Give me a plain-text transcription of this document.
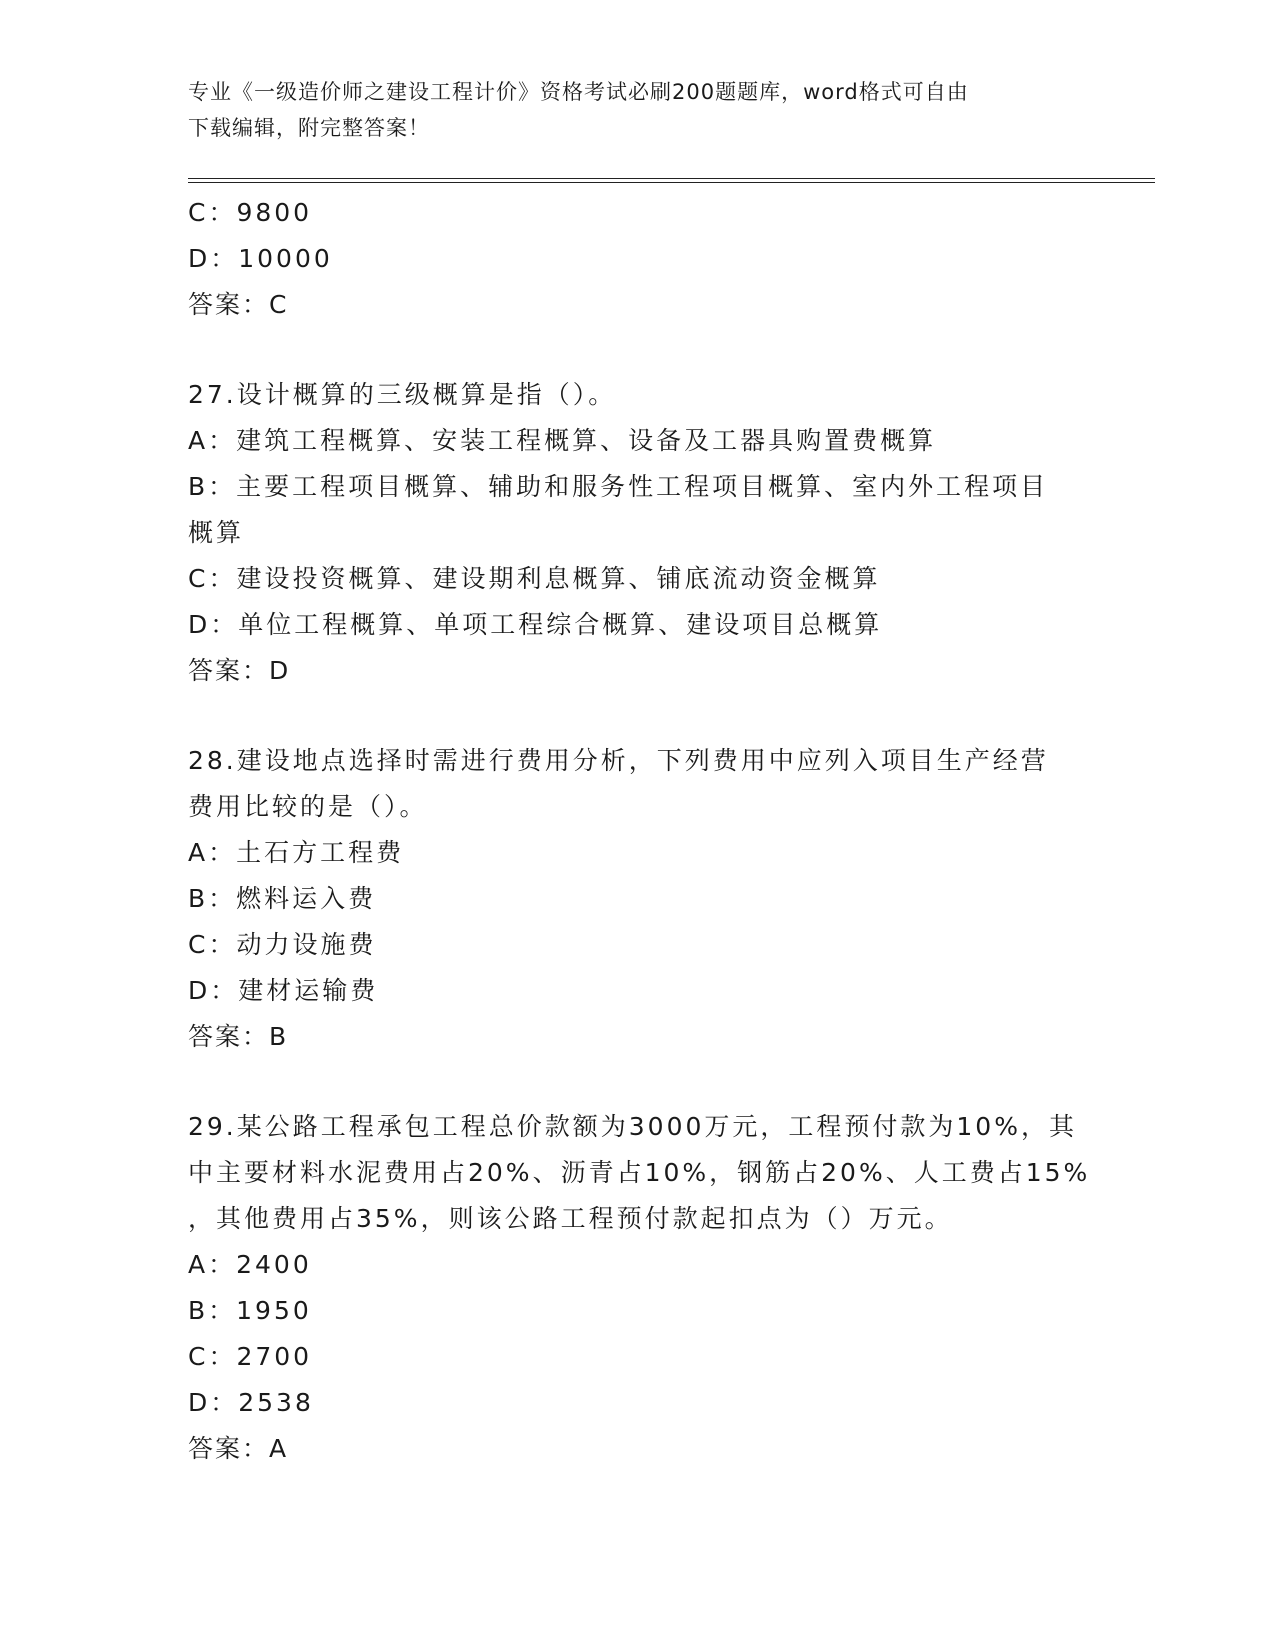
专业《一级造价师之建设工程计价》资格考试必刷200题题库，word格式可自由
下载编辑，附完整答案！
C：9800
D：10000
答案：C
27.设计概算的三级概算是指（）。
A：建筑工程概算、安装工程概算、设备及工器具购置费概算
B：主要工程项目概算、辅助和服务性工程项目概算、室内外工程项目
概算
C：建设投资概算、建设期利息概算、铺底流动资金概算
D：单位工程概算、单项工程综合概算、建设项目总概算
答案：D
28.建设地点选择时需进行费用分析，下列费用中应列入项目生产经营
费用比较的是（）。
A：土石方工程费
B：燃料运入费
C：动力设施费
D：建材运输费
答案：B
29.某公路工程承包工程总价款额为3000万元，工程预付款为10%，其
中主要材料水泥费用占20%、沥青占10%，钢筋占20%、人工费占15%
，其他费用占35%，则该公路工程预付款起扣点为（）万元。
A：2400
B：1950
C：2700
D：2538
答案：A
